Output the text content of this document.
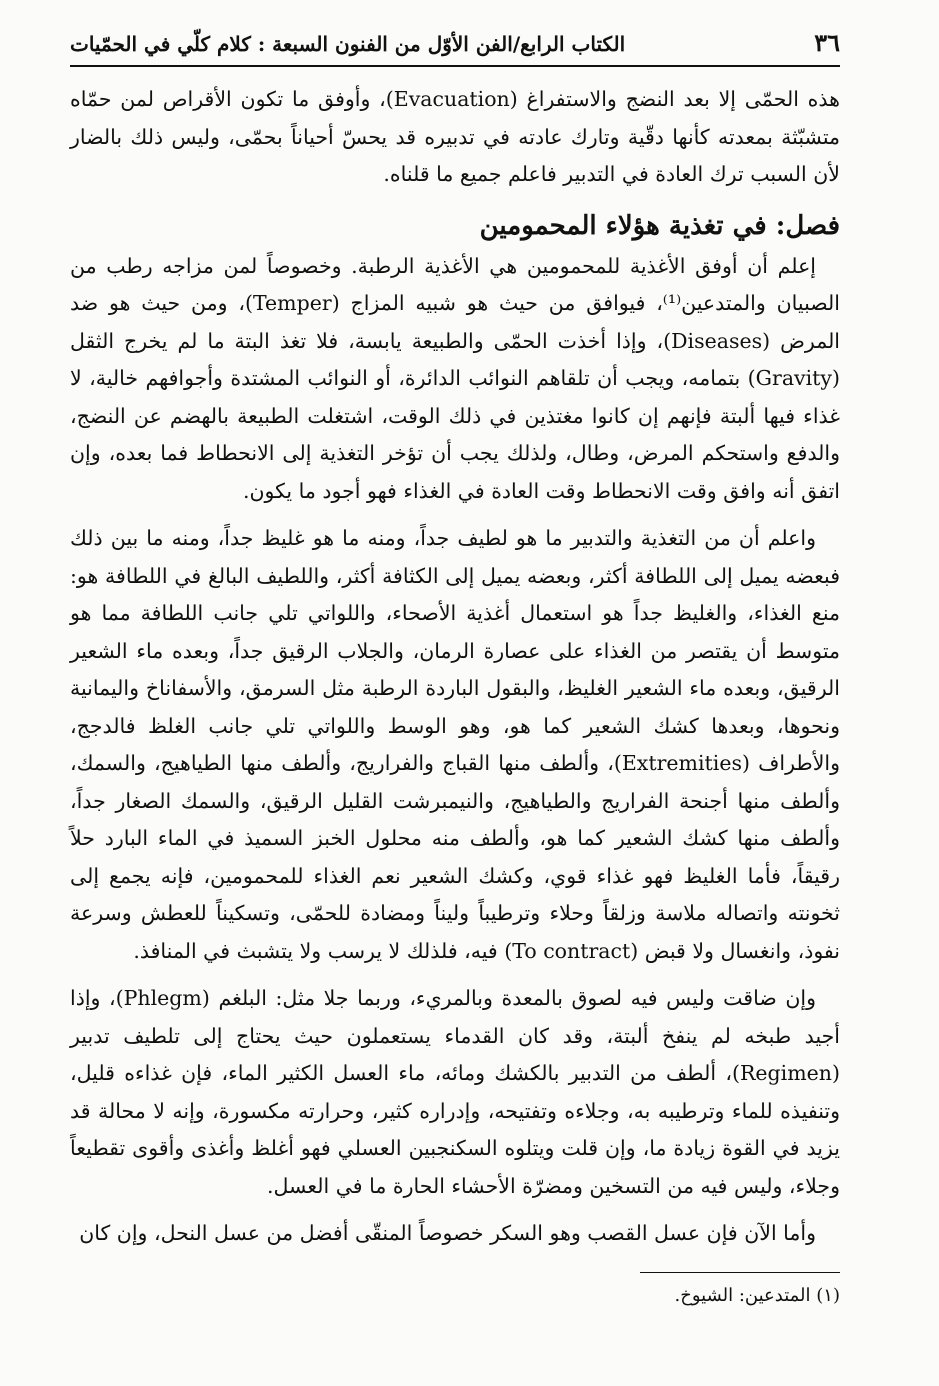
٣٦
الكتاب الرابع/الفن الأوّل من الفنون السبعة : كلام كلّي في الحمّيات

هذه الحمّى إلا بعد النضج والاستفراغ (Evacuation)، وأوفق ما تكون الأقراص لمن حمّاه متشبّثة بمعدته كأنها دقّية وتارك عادته في تدبيره قد يحسّ أحياناً بحمّى، وليس ذلك بالضار لأن السبب ترك العادة في التدبير فاعلم جميع ما قلناه.

فصل: في تغذية هؤلاء المحمومين

إعلم أن أوفق الأغذية للمحمومين هي الأغذية الرطبة. وخصوصاً لمن مزاجه رطب من الصبيان والمتدعين⁽¹⁾، فيوافق من حيث هو شبيه المزاج (Temper)، ومن حيث هو ضد المرض (Diseases)، وإذا أخذت الحمّى والطبيعة يابسة، فلا تغذ البتة ما لم يخرج الثقل (Gravity) بتمامه، ويجب أن تلقاهم النوائب الدائرة، أو النوائب المشتدة وأجوافهم خالية، لا غذاء فيها ألبتة فإنهم إن كانوا مغتذين في ذلك الوقت، اشتغلت الطبيعة بالهضم عن النضج، والدفع واستحكم المرض، وطال، ولذلك يجب أن تؤخر التغذية إلى الانحطاط فما بعده، وإن اتفق أنه وافق وقت الانحطاط وقت العادة في الغذاء فهو أجود ما يكون.

واعلم أن من التغذية والتدبير ما هو لطيف جداً، ومنه ما هو غليظ جداً، ومنه ما بين ذلك فبعضه يميل إلى اللطافة أكثر، وبعضه يميل إلى الكثافة أكثر، واللطيف البالغ في اللطافة هو: منع الغذاء، والغليظ جداً هو استعمال أغذية الأصحاء، واللواتي تلي جانب اللطافة مما هو متوسط أن يقتصر من الغذاء على عصارة الرمان، والجلاب الرقيق جداً، وبعده ماء الشعير الرقيق، وبعده ماء الشعير الغليظ، والبقول الباردة الرطبة مثل السرمق، والأسفاناخ واليمانية ونحوها، وبعدها كشك الشعير كما هو، وهو الوسط واللواتي تلي جانب الغلظ فالدجج، والأطراف (Extremities)، وألطف منها القباج والفراريج، وألطف منها الطياهيج، والسمك، وألطف منها أجنحة الفراريج والطياهيج، والنيمبرشت القليل الرقيق، والسمك الصغار جداً، وألطف منها كشك الشعير كما هو، وألطف منه محلول الخبز السميذ في الماء البارد حلاً رقيقاً، فأما الغليظ فهو غذاء قوي، وكشك الشعير نعم الغذاء للمحمومين، فإنه يجمع إلى ثخونته واتصاله ملاسة وزلقاً وحلاء وترطيباً وليناً ومضادة للحمّى، وتسكيناً للعطش وسرعة نفوذ، وانغسال ولا قبض (To contract) فيه، فلذلك لا يرسب ولا يتشبث في المنافذ.

وإن ضاقت وليس فيه لصوق بالمعدة وبالمريء، وربما جلا مثل: البلغم (Phlegm)، وإذا أجيد طبخه لم ينفخ ألبتة، وقد كان القدماء يستعملون حيث يحتاج إلى تلطيف تدبير (Regimen)، ألطف من التدبير بالكشك ومائه، ماء العسل الكثير الماء، فإن غذاءه قليل، وتنفيذه للماء وترطيبه به، وجلاءه وتفتيحه، وإدراره كثير، وحرارته مكسورة، وإنه لا محالة قد يزيد في القوة زيادة ما، وإن قلت ويتلوه السكنجبين العسلي فهو أغلظ وأغذى وأقوى تقطيعاً وجلاء، وليس فيه من التسخين ومضرّة الأحشاء الحارة ما في العسل.

وأما الآن فإن عسل القصب وهو السكر خصوصاً المنقّى أفضل من عسل النحل، وإن كان

(١) المتدعين: الشيوخ.
